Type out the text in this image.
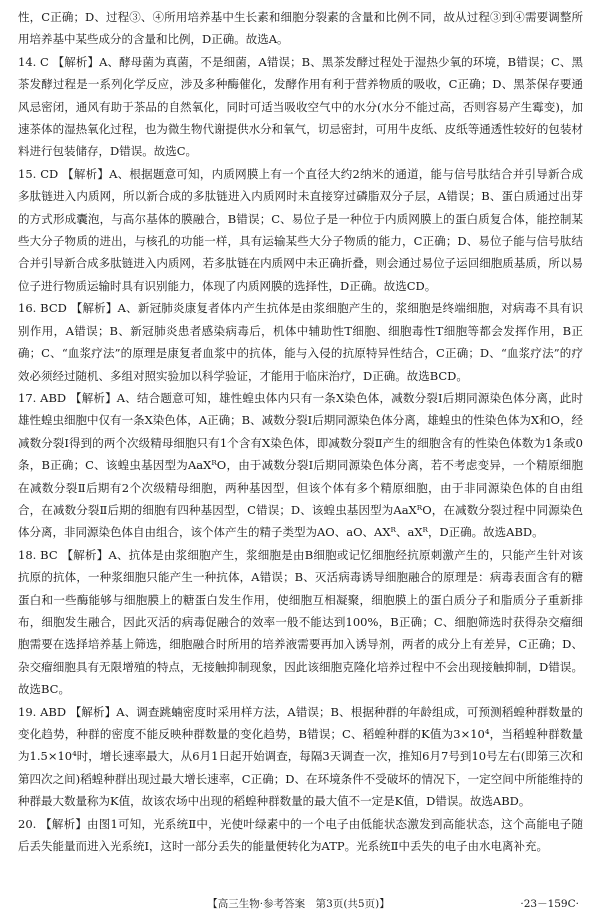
性，C正确；D、过程③、④所用培养基中生长素和细胞分裂素的含量和比例不同，故从过程③到④需要调整所用培养基中某些成分的含量和比例，D正确。故选A。

14. C 【解析】A、酵母菌为真菌，不是细菌，A错误；B、黑茶发酵过程处于湿热少氧的环境，B错误；C、黑茶发酵过程是一系列化学反应，涉及多种酶催化，发酵作用有利于营养物质的吸收，C正确；D、黑茶保存要通风忌密闭，通风有助于茶品的自然氧化，同时可适当吸收空气中的水分(水分不能过高，否则容易产生霉变)，加速茶体的湿热氧化过程，也为微生物代谢提供水分和氧气，切忌密封，可用牛皮纸、皮纸等通透性较好的包装材料进行包装储存，D错误。故选C。

15. CD 【解析】A、根据题意可知，内质网膜上有一个直径大约2纳米的通道，能与信号肽结合并引导新合成多肽链进入内质网，所以新合成的多肽链进入内质网时未直接穿过磷脂双分子层，A错误；B、蛋白质通过出芽的方式形成囊泡，与高尔基体的膜融合，B错误；C、易位子是一种位于内质网膜上的蛋白质复合体，能控制某些大分子物质的进出，与核孔的功能一样，具有运输某些大分子物质的能力，C正确；D、易位子能与信号肽结合并引导新合成多肽链进入内质网，若多肽链在内质网中未正确折叠，则会通过易位子运回细胞质基质，所以易位子进行物质运输时具有识别能力，体现了内质网膜的选择性，D正确。故选CD。

16. BCD 【解析】A、新冠肺炎康复者体内产生抗体是由浆细胞产生的，浆细胞是终端细胞，对病毒不具有识别作用，A错误；B、新冠肺炎患者感染病毒后，机体中辅助性T细胞、细胞毒性T细胞等都会发挥作用，B正确；C、“血浆疗法”的原理是康复者血浆中的抗体，能与入侵的抗原特异性结合，C正确；D、“血浆疗法”的疗效必须经过随机、多组对照实验加以科学验证，才能用于临床治疗，D正确。故选BCD。

17. ABD 【解析】A、结合题意可知，雄性蝗虫体内只有一条X染色体，减数分裂Ⅰ后期同源染色体分离，此时雄性蝗虫细胞中仅有一条X染色体，A正确；B、减数分裂Ⅰ后期同源染色体分离，雄蝗虫的性染色体为X和O，经减数分裂Ⅰ得到的两个次级精母细胞只有1个含有X染色体，即减数分裂Ⅱ产生的细胞含有的性染色体数为1条或0条，B正确；C、该蝗虫基因型为AaXᴿO，由于减数分裂Ⅰ后期同源染色体分离，若不考虑变异，一个精原细胞在减数分裂Ⅱ后期有2个次级精母细胞，两种基因型，但该个体有多个精原细胞，由于非同源染色体的自由组合，在减数分裂Ⅱ后期的细胞有四种基因型，C错误；D、该蝗虫基因型为AaXᴿO，在减数分裂过程中同源染色体分离，非同源染色体自由组合，该个体产生的精子类型为AO、aO、AXᴿ、aXᴿ，D正确。故选ABD。

18. BC 【解析】A、抗体是由浆细胞产生，浆细胞是由B细胞或记忆细胞经抗原刺激产生的，只能产生针对该抗原的抗体，一种浆细胞只能产生一种抗体，A错误；B、灭活病毒诱导细胞融合的原理是：病毒表面含有的糖蛋白和一些酶能够与细胞膜上的糖蛋白发生作用，使细胞互相凝聚，细胞膜上的蛋白质分子和脂质分子重新排布，细胞发生融合，因此灭活的病毒促融合的效率一般不能达到100%，B正确；C、细胞筛选时获得杂交瘤细胞需要在选择培养基上筛选，细胞融合时所用的培养液需要再加入诱导剂，两者的成分上有差异，C正确；D、杂交瘤细胞具有无限增殖的特点，无接触抑制现象，因此该细胞克隆化培养过程中不会出现接触抑制，D错误。故选BC。

19. ABD 【解析】A、调查跳蝻密度时采用样方法，A错误；B、根据种群的年龄组成，可预测稻蝗种群数量的变化趋势，种群的密度不能反映种群数量的变化趋势，B错误；C、稻蝗种群的K值为3×10⁴，当稻蝗种群数量为1.5×10⁴时，增长速率最大，从6月1日起开始调查，每隔3天调查一次，推知6月7号到10号左右(即第三次和第四次之间)稻蝗种群出现过最大增长速率，C正确；D、在环境条件不受破坏的情况下，一定空间中所能维持的种群最大数量称为K值，故该农场中出现的稻蝗种群数量的最大值不一定是K值，D错误。故选ABD。

20. 【解析】由图1可知，光系统Ⅱ中，光使叶绿素中的一个电子由低能状态激发到高能状态，这个高能电子随后丢失能量而进入光系统Ⅰ，这时一部分丢失的能量便转化为ATP。光系统Ⅱ中丢失的电子由水电离补充。

【高三生物·参考答案　第3页(共5页)】	·23－159C·
